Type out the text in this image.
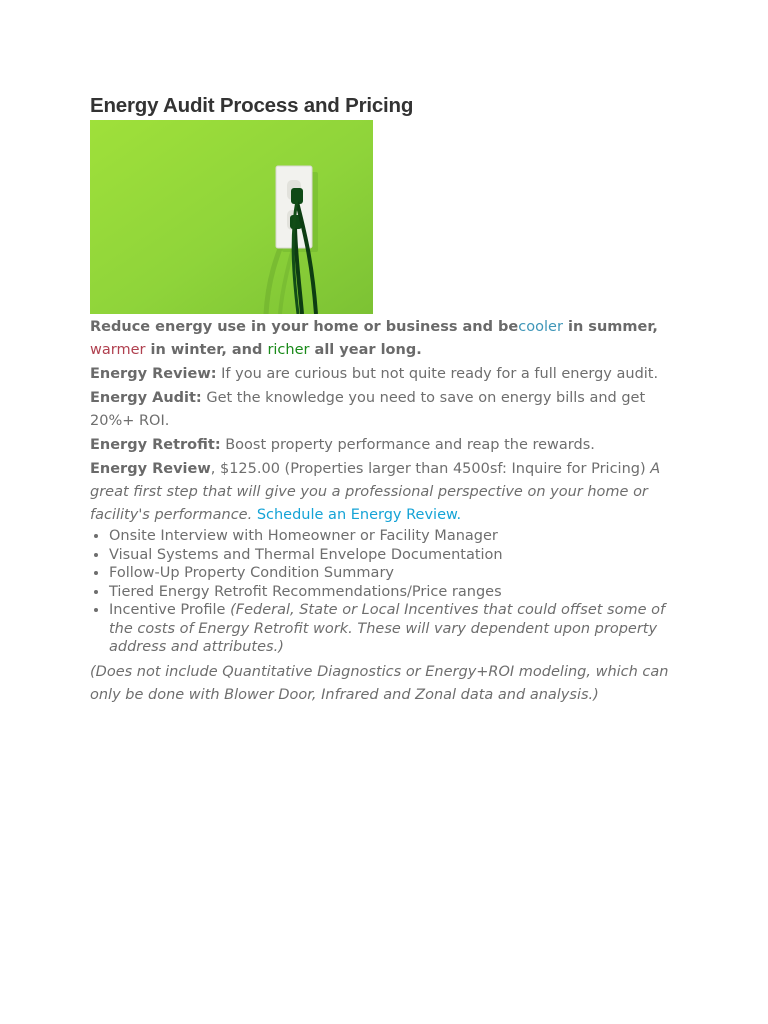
Energy Audit Process and Pricing

Reduce energy use in your home or business and becooler in summer, warmer in winter, and richer all year long.

Energy Review: If you are curious but not quite ready for a full energy audit.

Energy Audit: Get the knowledge you need to save on energy bills and get 20%+ ROI.

Energy Retrofit: Boost property performance and reap the rewards.

Energy Review, $125.00 (Properties larger than 4500sf: Inquire for Pricing) A great first step that will give you a professional perspective on your home or facility's performance. Schedule an Energy Review.

• Onsite Interview with Homeowner or Facility Manager
• Visual Systems and Thermal Envelope Documentation
• Follow-Up Property Condition Summary
• Tiered Energy Retrofit Recommendations/Price ranges
• Incentive Profile (Federal, State or Local Incentives that could offset some of the costs of Energy Retrofit work. These will vary dependent upon property address and attributes.)

(Does not include Quantitative Diagnostics or Energy+ROI modeling, which can only be done with Blower Door, Infrared and Zonal data and analysis.)
